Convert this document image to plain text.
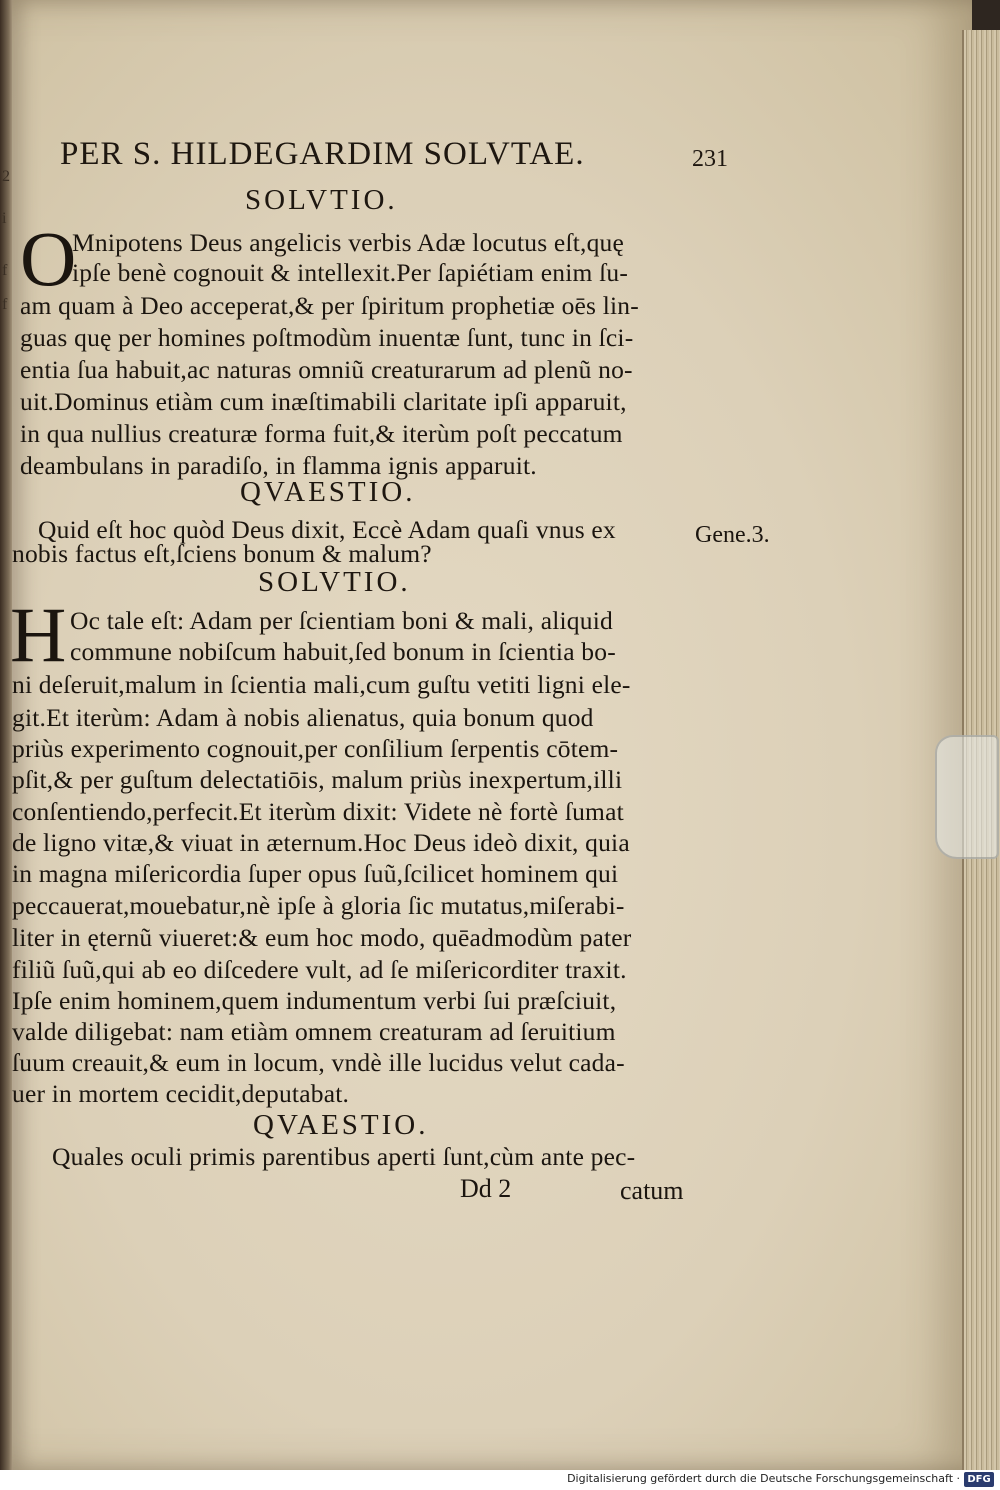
2
i
f
f
PER S. HILDEGARDIM SOLVTAE.	231
SOLVTIO.
O
Mnipotens Deus angelicis verbis Adæ locutus eſt,quę
ipſe benè cognouit & intellexit.Per ſapiétiam enim ſu-
am quam à Deo acceperat,& per ſpiritum prophetiæ oēs lin-
guas quę per homines poſtmodùm inuentæ ſunt, tunc in ſci-
entia ſua habuit,ac naturas omniũ creaturarum ad plenũ no-
uit.Dominus etiàm cum inæſtimabili claritate ipſi apparuit,
in qua nullius creaturæ forma fuit,& iterùm poſt peccatum
deambulans in paradiſo, in flamma ignis apparuit.
QVAESTIO.
Quid eſt hoc quòd Deus dixit, Eccè Adam quaſi vnus ex
nobis factus eſt,ſciens bonum & malum?
Gene.3.
SOLVTIO.
H Oc tale eſt: Adam per ſcientiam boni & mali, aliquid
commune nobiſcum habuit,ſed bonum in ſcientia bo-
ni deſeruit,malum in ſcientia mali,cum guſtu vetiti ligni ele-
git.Et iterùm: Adam à nobis alienatus, quia bonum quod
priùs experimento cognouit,per conſilium ſerpentis cōtem-
pſit,& per guſtum delectatiōis, malum priùs inexpertum,illi
conſentiendo,perfecit.Et iterùm dixit: Videte nè fortè ſumat
de ligno vitæ,& viuat in æternum.Hoc Deus ideò dixit, quia
in magna miſericordia ſuper opus ſuũ,ſcilicet hominem qui
peccauerat,mouebatur,nè ipſe à gloria ſic mutatus,miſerabi-
liter in ęternũ viueret:& eum hoc modo, quēadmodùm pater
filiũ ſuũ,qui ab eo diſcedere vult, ad ſe miſericorditer traxit.
Ipſe enim hominem,quem indumentum verbi ſui præſciuit,
valde diligebat: nam etiàm omnem creaturam ad ſeruitium
ſuum creauit,& eum in locum, vndè ille lucidus velut cada-
uer in mortem cecidit,deputabat.
QVAESTIO.
Quales oculi primis parentibus aperti ſunt,cùm ante pec-
Dd 2	catum
Digitalisierung gefördert durch die Deutsche Forschungsgemeinschaft · DFG
